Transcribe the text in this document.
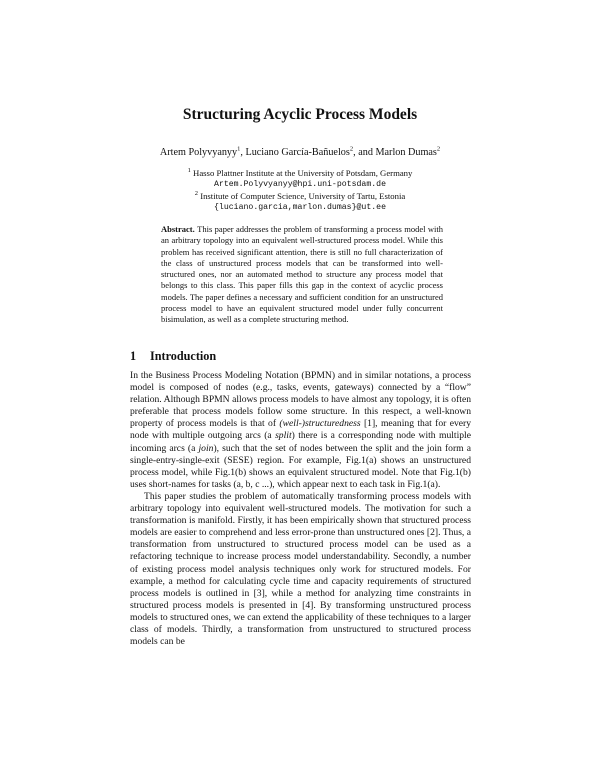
Structuring Acyclic Process Models
Artem Polyvyanyy$^1$, Luciano García-Bañuelos$^2$, and Marlon Dumas$^2$
$^1$ Hasso Plattner Institute at the University of Potsdam, Germany
Artem.Polyvyanyy@hpi.uni-potsdam.de
$^2$ Institute of Computer Science, University of Tartu, Estonia
{luciano.garcia,marlon.dumas}@ut.ee
Abstract. This paper addresses the problem of transforming a process model with an arbitrary topology into an equivalent well-structured process model. While this problem has received significant attention, there is still no full characterization of the class of unstructured process models that can be transformed into well-structured ones, nor an automated method to structure any process model that belongs to this class. This paper fills this gap in the context of acyclic process models. The paper defines a necessary and sufficient condition for an unstructured process model to have an equivalent structured model under fully concurrent bisimulation, as well as a complete structuring method.
1 Introduction

In the Business Process Modeling Notation (BPMN) and in similar notations, a process model is composed of nodes (e.g., tasks, events, gateways) connected by a “flow” relation. Although BPMN allows process models to have almost any topology, it is often preferable that process models follow some structure. In this respect, a well-known property of process models is that of (well-)structuredness [1], meaning that for every node with multiple outgoing arcs (a split) there is a corresponding node with multiple incoming arcs (a join), such that the set of nodes between the split and the join form a single-entry-single-exit (SESE) region. For example, Fig.1(a) shows an unstructured process model, while Fig.1(b) shows an equivalent structured model. Note that Fig.1(b) uses short-names for tasks (a, b, c ...), which appear next to each task in Fig.1(a).

This paper studies the problem of automatically transforming process models with arbitrary topology into equivalent well-structured models. The motivation for such a transformation is manifold. Firstly, it has been empirically shown that structured process models are easier to comprehend and less error-prone than unstructured ones [2]. Thus, a transformation from unstructured to structured process model can be used as a refactoring technique to increase process model understandability. Secondly, a number of existing process model analysis techniques only work for structured models. For example, a method for calculating cycle time and capacity requirements of structured process models is outlined in [3], while a method for analyzing time constraints in structured process models is presented in [4]. By transforming unstructured process models to structured ones, we can extend the applicability of these techniques to a larger class of models. Thirdly, a transformation from unstructured to structured process models can be
